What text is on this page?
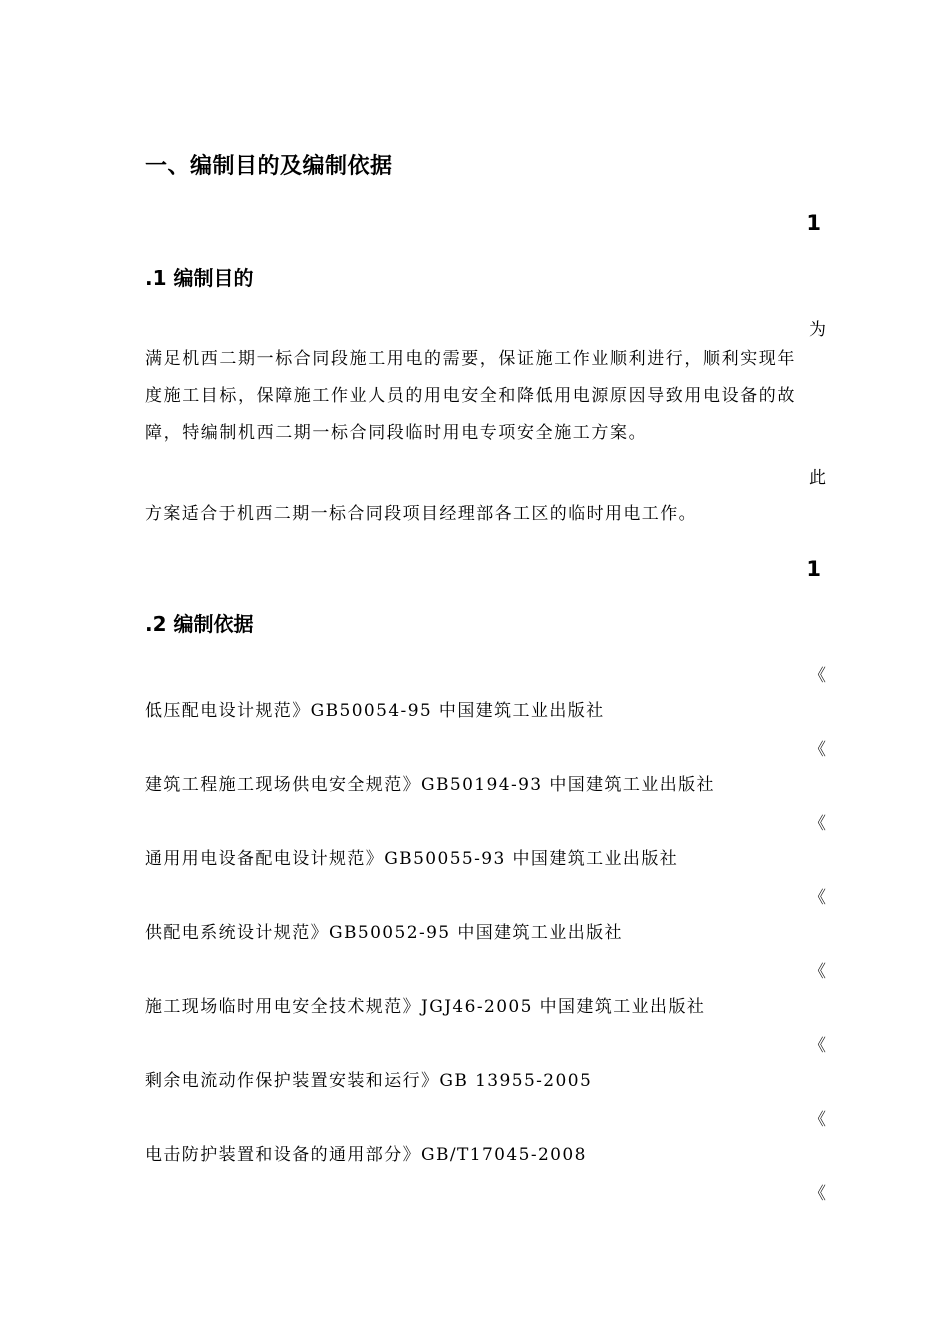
一、编制目的及编制依据
1
.1 编制目的
为
满足机西二期一标合同段施工用电的需要，保证施工作业顺利进行，顺利实现年度施工目标，保障施工作业人员的用电安全和降低用电源原因导致用电设备的故障，特编制机西二期一标合同段临时用电专项安全施工方案。
此
方案适合于机西二期一标合同段项目经理部各工区的临时用电工作。
1
.2 编制依据
《
低压配电设计规范》GB50054-95 中国建筑工业出版社
《
建筑工程施工现场供电安全规范》GB50194-93 中国建筑工业出版社
《
通用用电设备配电设计规范》GB50055-93 中国建筑工业出版社
《
供配电系统设计规范》GB50052-95 中国建筑工业出版社
《
施工现场临时用电安全技术规范》JGJ46-2005 中国建筑工业出版社
《
剩余电流动作保护装置安装和运行》GB 13955-2005
《
电击防护装置和设备的通用部分》GB/T17045-2008
《
